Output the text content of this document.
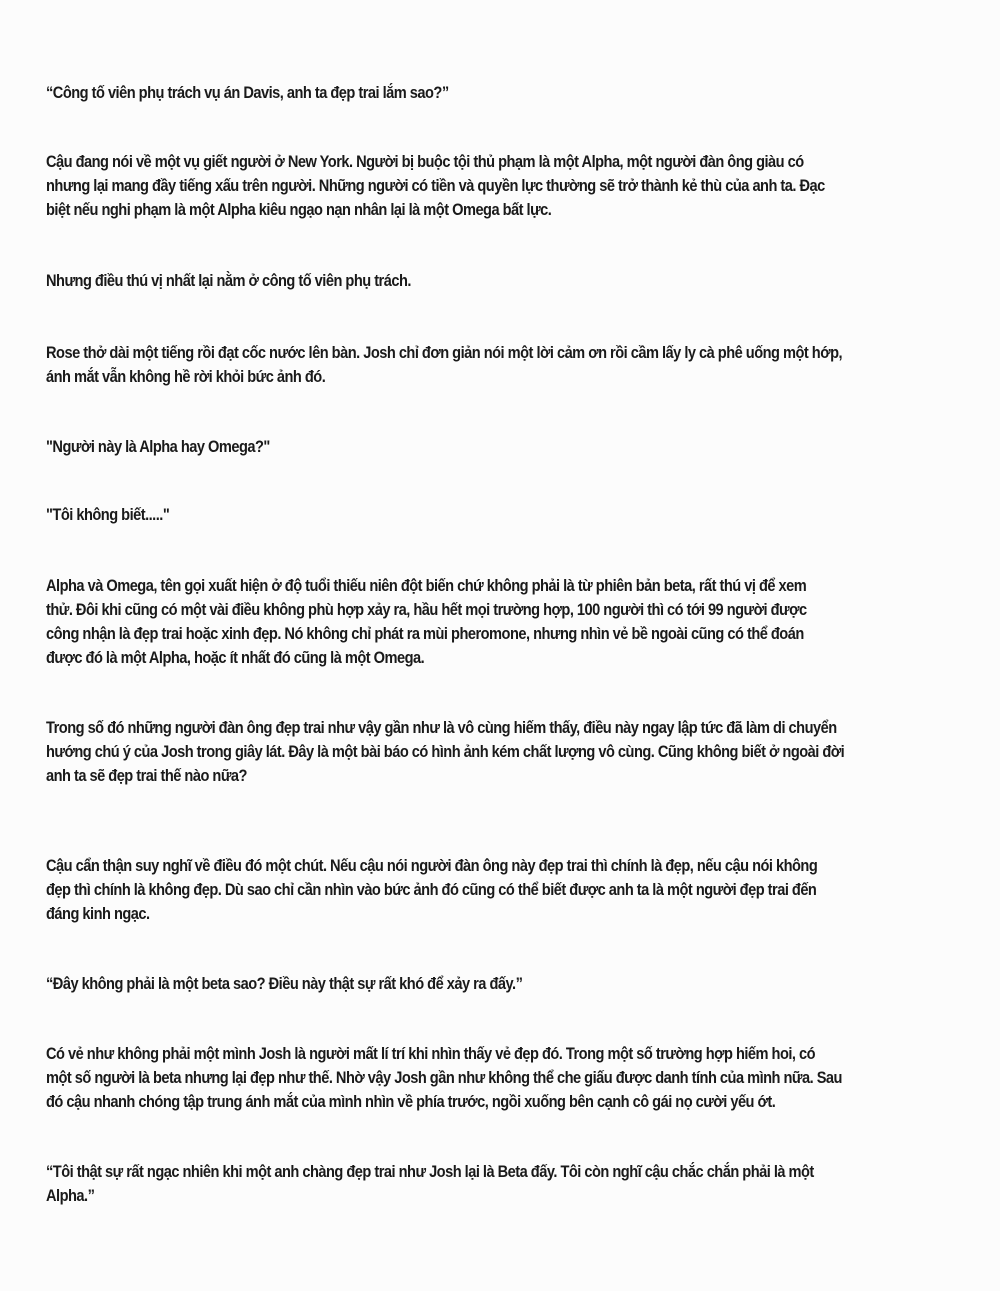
“Công tố viên phụ trách vụ án Davis, anh ta đẹp trai lắm sao?”
Cậu đang nói về một vụ giết người ở New York. Người bị buộc tội thủ phạm là một Alpha, một người đàn ông giàu có
nhưng lại mang đầy tiếng xấu trên người. Những người có tiền và quyền lực thường sẽ trở thành kẻ thù của anh ta. Đạc
biệt nếu nghi phạm là một Alpha kiêu ngạo nạn nhân lại là một Omega bất lực.
Nhưng điều thú vị nhất lại nằm ở công tố viên phụ trách.
Rose thở dài một tiếng rồi đạt cốc nước lên bàn. Josh chỉ đơn giản nói một lời cảm ơn rồi cầm lấy ly cà phê uống một hớp,
ánh mắt vẫn không hề rời khỏi bức ảnh đó.
"Người này là Alpha hay Omega?"
"Tôi không biết....."
Alpha và Omega, tên gọi xuất hiện ở độ tuổi thiếu niên đột biến chứ không phải là từ phiên bản beta, rất thú vị để xem
thử. Đôi khi cũng có một vài điều không phù hợp xảy ra, hầu hết mọi trường hợp, 100 người thì có tới 99 người được
công nhận là đẹp trai hoặc xinh đẹp. Nó không chỉ phát ra mùi pheromone, nhưng nhìn vẻ bề ngoài cũng có thể đoán
được đó là một Alpha, hoặc ít nhất đó cũng là một Omega.
Trong số đó những người đàn ông đẹp trai như vậy gần như là vô cùng hiếm thấy, điều này ngay lập tức đã làm di chuyển
hướng chú ý của Josh trong giây lát. Đây là một bài báo có hình ảnh kém chất lượng vô cùng. Cũng không biết ở ngoài đời
anh ta sẽ đẹp trai thế nào nữa?
Cậu cẩn thận suy nghĩ về điều đó một chút. Nếu cậu nói người đàn ông này đẹp trai thì chính là đẹp, nếu cậu nói không
đẹp thì chính là không đẹp. Dù sao chỉ cần nhìn vào bức ảnh đó cũng có thể biết được anh ta là một người đẹp trai đến
đáng kinh ngạc.
“Đây không phải là một beta sao? Điều này thật sự rất khó để xảy ra đấy.”
Có vẻ như không phải một mình Josh là người mất lí trí khi nhìn thấy vẻ đẹp đó. Trong một số trường hợp hiếm hoi, có
một số người là beta nhưng lại đẹp như thế. Nhờ vậy Josh gần như không thể che giấu được danh tính của mình nữa. Sau
đó cậu nhanh chóng tập trung ánh mắt của mình nhìn về phía trước, ngồi xuống bên cạnh cô gái nọ cười yếu ớt.
“Tôi thật sự rất ngạc nhiên khi một anh chàng đẹp trai như Josh lại là Beta đấy. Tôi còn nghĩ cậu chắc chắn phải là một
Alpha.”
